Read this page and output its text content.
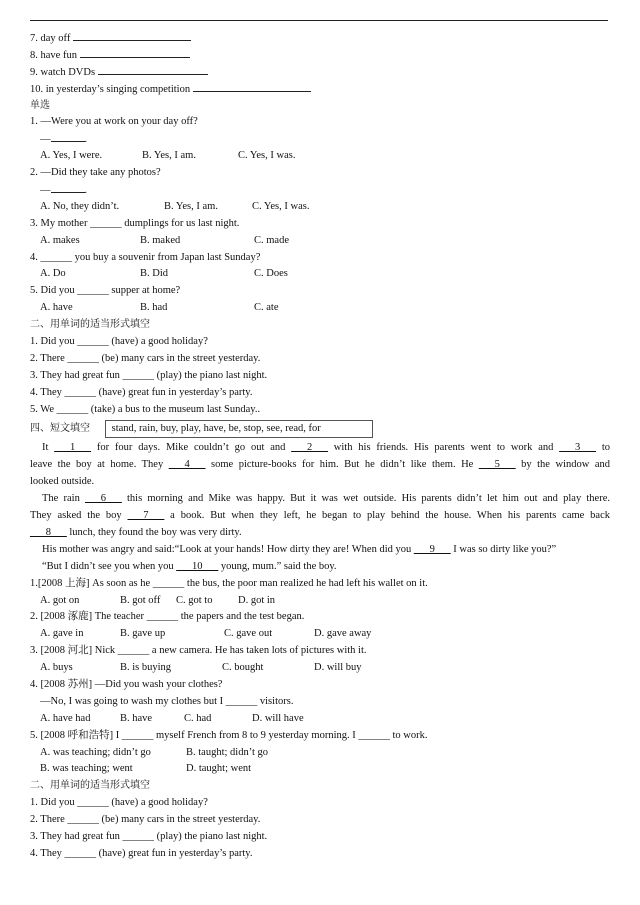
7. day off
8. have fun
9. watch DVDs
10. in yesterday’s singing competition
单选
1. —Were you at work on your day off?
—	.
A. Yes, I were.	B. Yes, I am.	C. Yes, I was.
2. —Did they take any photos?
—	.
A. No, they didn’t.	B. Yes, I am.	C. Yes, I was.
3. My mother ______ dumplings for us last night.
A. makes	B. maked	C. made
4. ______ you buy a souvenir from Japan last Sunday?
A. Do	B. Did	C. Does
5. Did you ______ supper at home?
A. have	B. had	C. ate
二、用单词的适当形式填空
1. Did you ______ (have) a good holiday?
2. There ______ (be) many cars in the street yesterday.
3. They had great fun ______ (play) the piano last night.
4. They ______ (have) great fun in yesterday’s party.
5. We ______ (take) a bus to the museum last Sunday..
四、短文填空 stand, rain, buy, play, have, be, stop, see, read, for
It ___1___ for four days. Mike couldn’t go out and ___2___ with his friends. His parents went to work and ___3___ to
leave the boy at home. They ___4___ some picture-books for him. But he didn’t like them. He ___5___ by the window and
looked outside.
The rain ___6___ this morning and Mike was happy. But it was wet outside. His parents didn’t let him out and play there.
They asked the boy ___7___ a book. But when they left, he began to play behind the house. When his parents came back
___8___ lunch, they found the boy was very dirty.
His mother was angry and said:“Look at your hands! How dirty they are! When did you ___9___ I was so dirty like you?”
“But I didn’t see you when you ___10___ young, mum.” said the boy.
1.[2008 上海] As soon as he ______ the bus, the poor man realized he had left his wallet on it.
A. got on	B. got off	C. got to	D. got in
2. [2008 涿鹿] The teacher ______ the papers and the test began.
A. gave in	B. gave up	C. gave out	D. gave away
3. [2008 河北] Nick ______ a new camera. He has taken lots of pictures with it.
A. buys	B. is buying	C. bought	D. will buy
4. [2008 苏州] —Did you wash your clothes?
—No, I was going to wash my clothes but I ______ visitors.
A. have had	B. have	C. had	D. will have
5. [2008 呼和浩特] I ______ myself French from 8 to 9 yesterday morning. I ______ to work.
A. was teaching; didn’t go	B. taught; didn’t go
B. was teaching; went	D. taught; went
二、用单词的适当形式填空
1. Did you ______ (have) a good holiday?
2. There ______ (be) many cars in the street yesterday.
3. They had great fun ______ (play) the piano last night.
4. They ______ (have) great fun in yesterday’s party.
